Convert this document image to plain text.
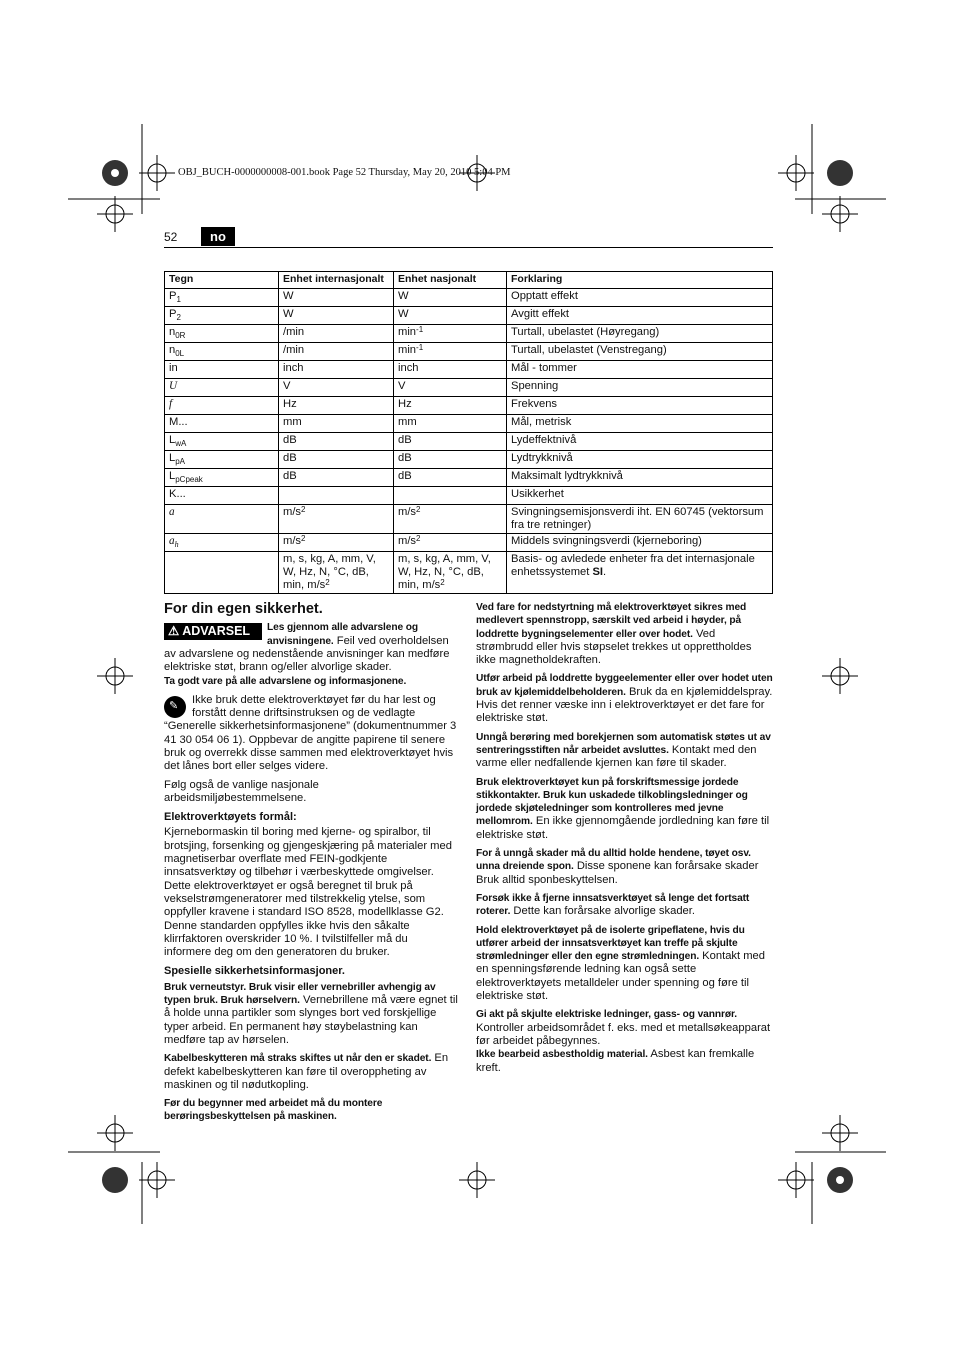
OBJ_BUCH-0000000008-001.book Page 52 Thursday, May 20, 2010 5:04 PM
52	no
Tegn	Enhet internasjonalt	Enhet nasjonalt	Forklaring
$P_1$	W	W	Opptatt effekt
$P_2$	W	W	Avgitt effekt
$n_{0R}$	/min	$\min^{-1}$	Turtall, ubelastet (Høyregang)
$n_{0L}$	/min	$\min^{-1}$	Turtall, ubelastet (Venstregang)
in	inch	inch	Mål - tommer
U	V	V	Spenning
f	Hz	Hz	Frekvens
M...	mm	mm	Mål, metrisk
$L_{wA}$	dB	dB	Lydeffektnivå
$L_{pA}$	dB	dB	Lydtrykknivå
$L_{pCpeak}$	dB	dB	Maksimalt lydtrykknivå
K...			Usikkerhet
a	$m/s^2$	$m/s^2$	Svingningsemisjonsverdi iht. EN 60745 (vektorsum fra tre retninger)
$a_h$	$m/s^2$	$m/s^2$	Middels svingningsverdi (kjerneboring)
	m, s, kg, A, mm, V, W, Hz, N, °C, dB, min, $m/s^2$	m, s, kg, A, mm, V, W, Hz, N, °C, dB, min, $m/s^2$	Basis- og avledede enheter fra det internasjonale enhetssystemet SI.

For din egen sikkerhet.

⚠ ADVARSEL	Les gjennom alle advarslene og anvisningene. Feil ved overholdelsen av advarslene og nedenstående anvisninger kan medføre elektriske støt, brann og/eller alvorlige skader.

Ta godt vare på alle advarslene og informasjonene.

✎ Ikke bruk dette elektroverktøyet før du har lest og forstått denne driftsinstruksen og de vedlagte “Generelle sikkerhetsinformasjonene” (dokumentnummer 3 41 30 054 06 1). Oppbevar de angitte papirene til senere bruk og overrekk disse sammen med elektroverktøyet hvis det lånes bort eller selges videre.

Følg også de vanlige nasjonale arbeidsmiljøbestemmelsene.

Elektroverktøyets formål:

Kjernebormaskin til boring med kjerne- og spiralbor, til brotsjing, forsenking og gjengeskjæring på materialer med magnetiserbar overflate med FEIN-godkjente innsatsverktøy og tilbehør i værbeskyttede omgivelser.

Dette elektroverktøyet er også beregnet til bruk på vekselstrømgeneratorer med tilstrekkelig ytelse, som oppfyller kravene i standard ISO 8528, modellklasse G2. Denne standarden oppfylles ikke hvis den såkalte klirrfaktoren overskrider 10 %. I tvilstilfeller må du informere deg om den generatoren du bruker.

Spesielle sikkerhetsinformasjoner.

Bruk verneutstyr. Bruk visir eller vernebriller avhengig av typen bruk. Bruk hørselvern. Vernebrillene må være egnet til å holde unna partikler som slynges bort ved forskjellige typer arbeid. En permanent høy støybelastning kan medføre tap av hørselen.

Kabelbeskytteren må straks skiftes ut når den er skadet. En defekt kabelbeskytteren kan føre til overoppheting av maskinen og til nødutkopling.

Før du begynner med arbeidet må du montere berøringsbeskyttelsen på maskinen.

Ved fare for nedstyrtning må elektroverktøyet sikres med medlevert spennstropp, særskilt ved arbeid i høyder, på loddrette bygningselementer eller over hodet. Ved strømbrudd eller hvis støpselet trekkes ut opprettholdes ikke magnetholdekraften.

Utfør arbeid på loddrette byggeelementer eller over hodet uten bruk av kjølemiddelbeholderen. Bruk da en kjølemiddelspray. Hvis det renner væske inn i elektroverktøyet er det fare for elektriske støt.

Unngå berøring med borekjernen som automatisk støtes ut av sentreringsstiften når arbeidet avsluttes. Kontakt med den varme eller nedfallende kjernen kan føre til skader.

Bruk elektroverktøyet kun på forskriftsmessige jordede stikkontakter. Bruk kun uskadede tilkoblingsledninger og jordede skjøteledninger som kontrolleres med jevne mellomrom. En ikke gjennomgående jordledning kan føre til elektriske støt.

For å unngå skader må du alltid holde hendene, tøyet osv. unna dreiende spon. Disse sponene kan forårsake skader Bruk alltid sponbeskyttelsen.

Forsøk ikke å fjerne innsatsverktøyet så lenge det fortsatt roterer. Dette kan forårsake alvorlige skader.

Hold elektroverktøyet på de isolerte gripeflatene, hvis du utfører arbeid der innsatsverktøyet kan treffe på skjulte strømledninger eller den egne strømledningen. Kontakt med en spenningsførende ledning kan også sette elektroverktøyets metalldeler under spenning og føre til elektriske støt.

Gi akt på skjulte elektriske ledninger, gass- og vannrør. Kontroller arbeidsområdet f. eks. med et metallsøkeapparat før arbeidet påbegynnes.

Ikke bearbeid asbestholdig material. Asbest kan fremkalle kreft.
